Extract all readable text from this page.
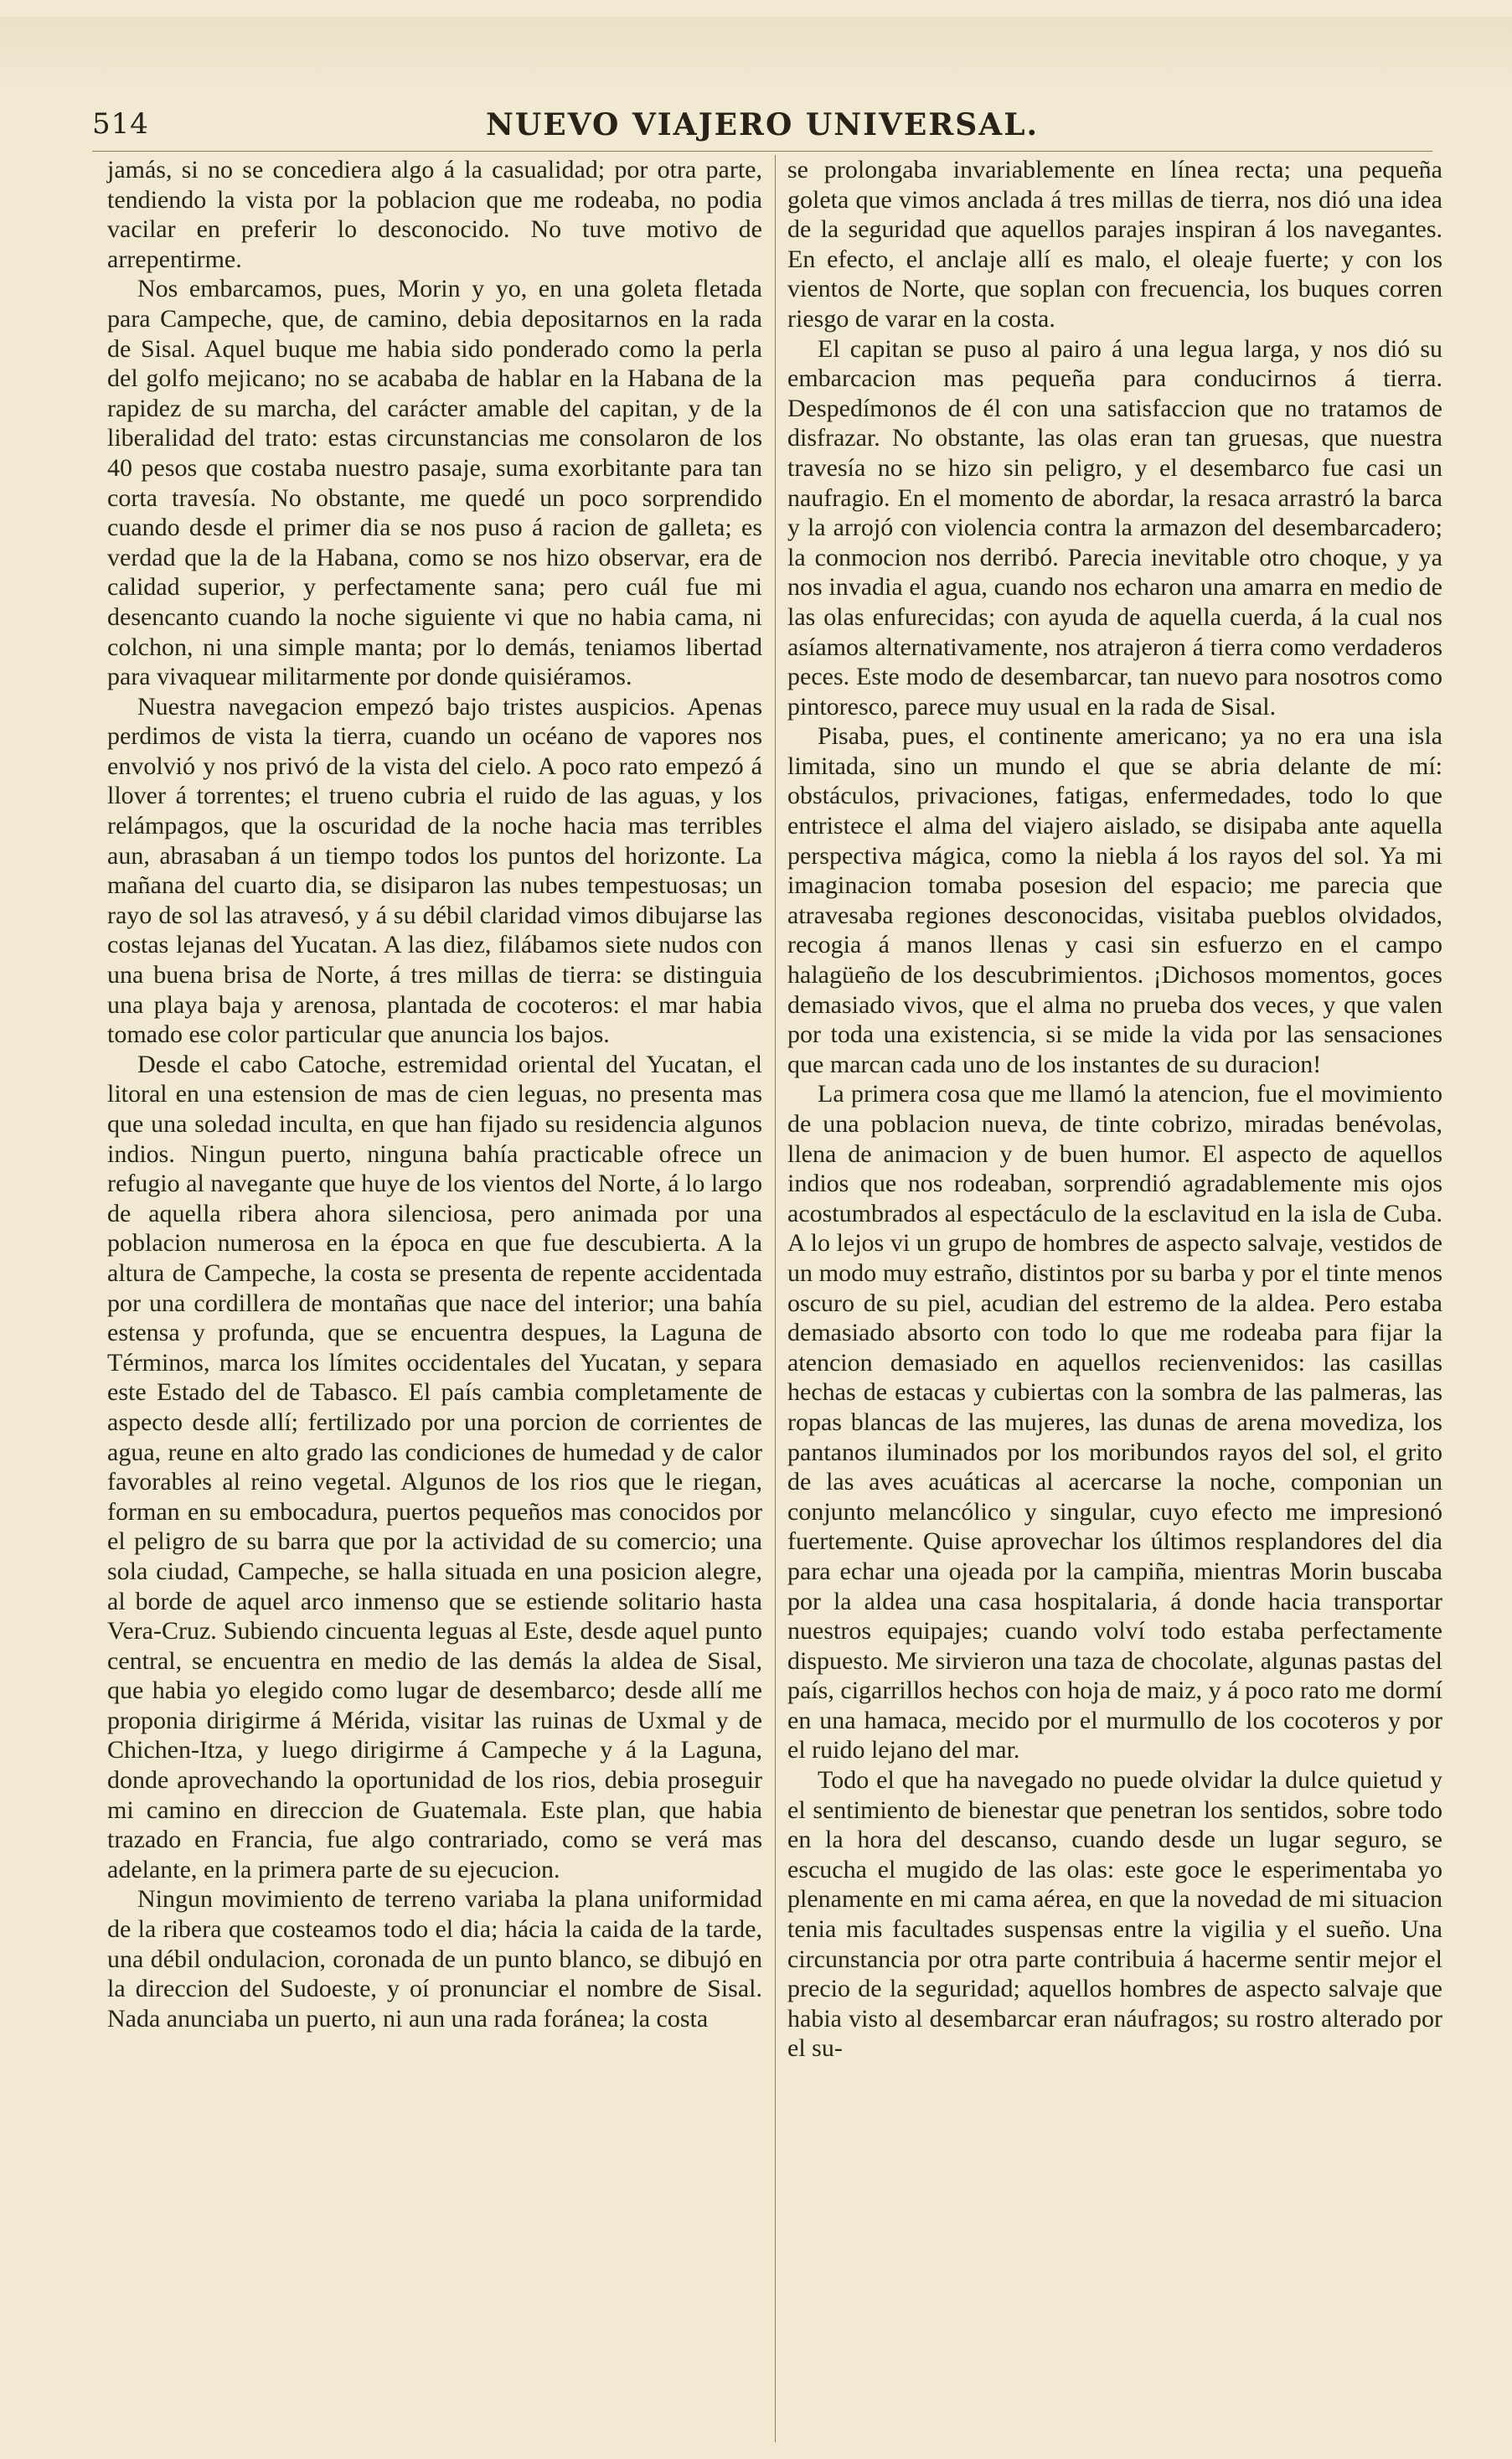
514	NUEVO VIAJERO UNIVERSAL.

jamás, si no se concediera algo á la casualidad; por otra parte, tendiendo la vista por la poblacion que me rodeaba, no podia vacilar en preferir lo desconocido. No tuve motivo de arrepentirme.

Nos embarcamos, pues, Morin y yo, en una goleta fletada para Campeche, que, de camino, debia depositarnos en la rada de Sisal. Aquel buque me habia sido ponderado como la perla del golfo mejicano; no se acababa de hablar en la Habana de la rapidez de su marcha, del carácter amable del capitan, y de la liberalidad del trato: estas circunstancias me consolaron de los 40 pesos que costaba nuestro pasaje, suma exorbitante para tan corta travesía. No obstante, me quedé un poco sorprendido cuando desde el primer dia se nos puso á racion de galleta; es verdad que la de la Habana, como se nos hizo observar, era de calidad superior, y perfectamente sana; pero cuál fue mi desencanto cuando la noche siguiente vi que no habia cama, ni colchon, ni una simple manta; por lo demás, teniamos libertad para vivaquear militarmente por donde quisiéramos.

Nuestra navegacion empezó bajo tristes auspicios. Apenas perdimos de vista la tierra, cuando un océano de vapores nos envolvió y nos privó de la vista del cielo. A poco rato empezó á llover á torrentes; el trueno cubria el ruido de las aguas, y los relámpagos, que la oscuridad de la noche hacia mas terribles aun, abrasaban á un tiempo todos los puntos del horizonte. La mañana del cuarto dia, se disiparon las nubes tempestuosas; un rayo de sol las atravesó, y á su débil claridad vimos dibujarse las costas lejanas del Yucatan. A las diez, filábamos siete nudos con una buena brisa de Norte, á tres millas de tierra: se distinguia una playa baja y arenosa, plantada de cocoteros: el mar habia tomado ese color particular que anuncia los bajos.

Desde el cabo Catoche, estremidad oriental del Yucatan, el litoral en una estension de mas de cien leguas, no presenta mas que una soledad inculta, en que han fijado su residencia algunos indios. Ningun puerto, ninguna bahía practicable ofrece un refugio al navegante que huye de los vientos del Norte, á lo largo de aquella ribera ahora silenciosa, pero animada por una poblacion numerosa en la época en que fue descubierta. A la altura de Campeche, la costa se presenta de repente accidentada por una cordillera de montañas que nace del interior; una bahía estensa y profunda, que se encuentra despues, la Laguna de Términos, marca los límites occidentales del Yucatan, y separa este Estado del de Tabasco. El país cambia completamente de aspecto desde allí; fertilizado por una porcion de corrientes de agua, reune en alto grado las condiciones de humedad y de calor favorables al reino vegetal. Algunos de los rios que le riegan, forman en su embocadura, puertos pequeños mas conocidos por el peligro de su barra que por la actividad de su comercio; una sola ciudad, Campeche, se halla situada en una posicion alegre, al borde de aquel arco inmenso que se estiende solitario hasta Vera-Cruz. Subiendo cincuenta leguas al Este, desde aquel punto central, se encuentra en medio de las demás la aldea de Sisal, que habia yo elegido como lugar de desembarco; desde allí me proponia dirigirme á Mérida, visitar las ruinas de Uxmal y de Chichen-Itza, y luego dirigirme á Campeche y á la Laguna, donde aprovechando la oportunidad de los rios, debia proseguir mi camino en direccion de Guatemala. Este plan, que habia trazado en Francia, fue algo contrariado, como se verá mas adelante, en la primera parte de su ejecucion.

Ningun movimiento de terreno variaba la plana uniformidad de la ribera que costeamos todo el dia; hácia la caida de la tarde, una débil ondulacion, coronada de un punto blanco, se dibujó en la direccion del Sudoeste, y oí pronunciar el nombre de Sisal. Nada anunciaba un puerto, ni aun una rada foránea; la costa

se prolongaba invariablemente en línea recta; una pequeña goleta que vimos anclada á tres millas de tierra, nos dió una idea de la seguridad que aquellos parajes inspiran á los navegantes. En efecto, el anclaje allí es malo, el oleaje fuerte; y con los vientos de Norte, que soplan con frecuencia, los buques corren riesgo de varar en la costa.

El capitan se puso al pairo á una legua larga, y nos dió su embarcacion mas pequeña para conducirnos á tierra. Despedímonos de él con una satisfaccion que no tratamos de disfrazar. No obstante, las olas eran tan gruesas, que nuestra travesía no se hizo sin peligro, y el desembarco fue casi un naufragio. En el momento de abordar, la resaca arrastró la barca y la arrojó con violencia contra la armazon del desembarcadero; la conmocion nos derribó. Parecia inevitable otro choque, y ya nos invadia el agua, cuando nos echaron una amarra en medio de las olas enfurecidas; con ayuda de aquella cuerda, á la cual nos asíamos alternativamente, nos atrajeron á tierra como verdaderos peces. Este modo de desembarcar, tan nuevo para nosotros como pintoresco, parece muy usual en la rada de Sisal.

Pisaba, pues, el continente americano; ya no era una isla limitada, sino un mundo el que se abria delante de mí: obstáculos, privaciones, fatigas, enfermedades, todo lo que entristece el alma del viajero aislado, se disipaba ante aquella perspectiva mágica, como la niebla á los rayos del sol. Ya mi imaginacion tomaba posesion del espacio; me parecia que atravesaba regiones desconocidas, visitaba pueblos olvidados, recogia á manos llenas y casi sin esfuerzo en el campo halagüeño de los descubrimientos. ¡Dichosos momentos, goces demasiado vivos, que el alma no prueba dos veces, y que valen por toda una existencia, si se mide la vida por las sensaciones que marcan cada uno de los instantes de su duracion!

La primera cosa que me llamó la atencion, fue el movimiento de una poblacion nueva, de tinte cobrizo, miradas benévolas, llena de animacion y de buen humor. El aspecto de aquellos indios que nos rodeaban, sorprendió agradablemente mis ojos acostumbrados al espectáculo de la esclavitud en la isla de Cuba. A lo lejos vi un grupo de hombres de aspecto salvaje, vestidos de un modo muy estraño, distintos por su barba y por el tinte menos oscuro de su piel, acudian del estremo de la aldea. Pero estaba demasiado absorto con todo lo que me rodeaba para fijar la atencion demasiado en aquellos recienvenidos: las casillas hechas de estacas y cubiertas con la sombra de las palmeras, las ropas blancas de las mujeres, las dunas de arena movediza, los pantanos iluminados por los moribundos rayos del sol, el grito de las aves acuáticas al acercarse la noche, componian un conjunto melancólico y singular, cuyo efecto me impresionó fuertemente. Quise aprovechar los últimos resplandores del dia para echar una ojeada por la campiña, mientras Morin buscaba por la aldea una casa hospitalaria, á donde hacia transportar nuestros equipajes; cuando volví todo estaba perfectamente dispuesto. Me sirvieron una taza de chocolate, algunas pastas del país, cigarrillos hechos con hoja de maiz, y á poco rato me dormí en una hamaca, mecido por el murmullo de los cocoteros y por el ruido lejano del mar.

Todo el que ha navegado no puede olvidar la dulce quietud y el sentimiento de bienestar que penetran los sentidos, sobre todo en la hora del descanso, cuando desde un lugar seguro, se escucha el mugido de las olas: este goce le esperimentaba yo plenamente en mi cama aérea, en que la novedad de mi situacion tenia mis facultades suspensas entre la vigilia y el sueño. Una circunstancia por otra parte contribuia á hacerme sentir mejor el precio de la seguridad; aquellos hombres de aspecto salvaje que habia visto al desembarcar eran náufragos; su rostro alterado por el su-
